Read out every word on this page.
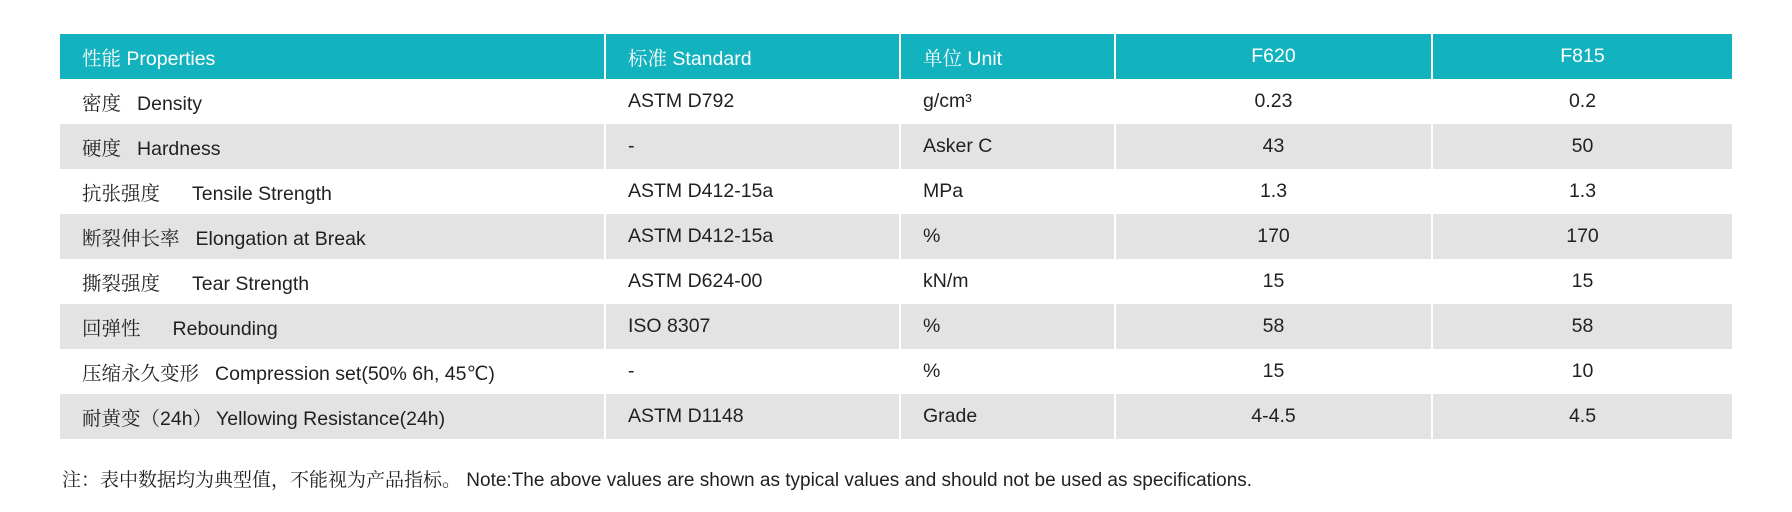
性能 Properties	标准 Standard	单位 Unit	F620	F815
密度 Density	ASTM D792	g/cm³	0.23	0.2
硬度 Hardness	-	Asker C	43	50
抗张强度 Tensile Strength	ASTM D412-15a	MPa	1.3	1.3
断裂伸长率 Elongation at Break	ASTM D412-15a	%	170	170
撕裂强度 Tear Strength	ASTM D624-00	kN/m	15	15
回弹性 Rebounding	ISO 8307	%	58	58
压缩永久变形 Compression set(50% 6h, 45℃)	-	%	15	10
耐黄变（24h） Yellowing Resistance(24h)	ASTM D1148	Grade	4-4.5	4.5
注：表中数据均为典型值，不能视为产品指标。 Note:The above values are shown as typical values and should not be used as specifications.
